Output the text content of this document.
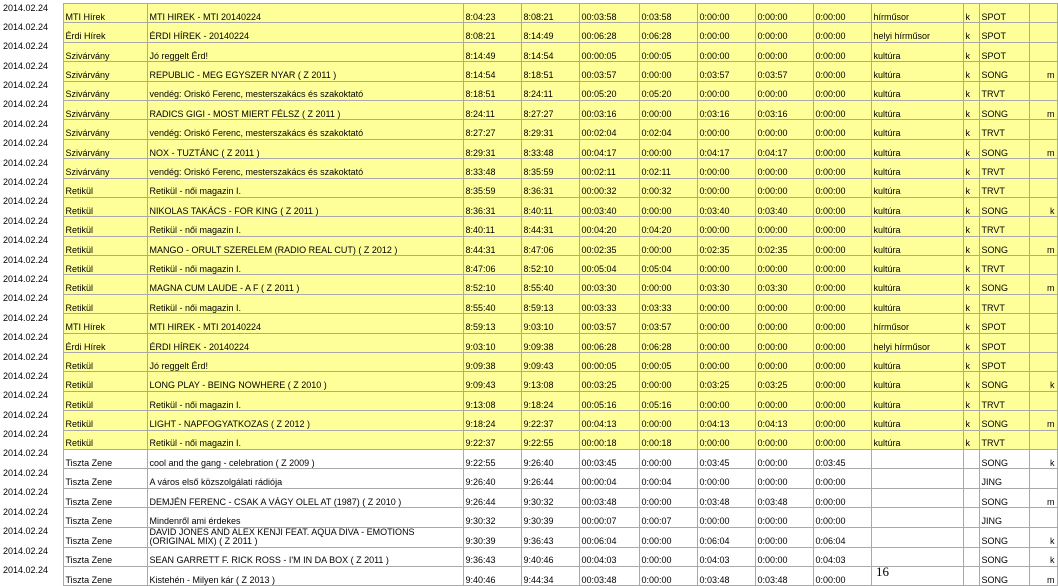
2014.02.24	MTI Hírek	MTI HIREK - MTI 20140224	8:04:23	8:08:21	00:03:58	0:03:58	0:00:00	0:00:00	0:00:00	hírműsor	k	SPOT	
2014.02.24	Érdi Hírek	ÉRDI HÍREK - 20140224	8:08:21	8:14:49	00:06:28	0:06:28	0:00:00	0:00:00	0:00:00	helyi hírműsor	k	SPOT	
2014.02.24	Szivárvány	Jó reggelt Érd!	8:14:49	8:14:54	00:00:05	0:00:05	0:00:00	0:00:00	0:00:00	kultúra	k	SPOT	
2014.02.24	Szivárvány	REPUBLIC - MEG EGYSZER NYAR ( Z 2011 )	8:14:54	8:18:51	00:03:57	0:00:00	0:03:57	0:03:57	0:00:00	kultúra	k	SONG	m
2014.02.24	Szivárvány	vendég: Oriskó Ferenc, mesterszakács és szakoktató	8:18:51	8:24:11	00:05:20	0:05:20	0:00:00	0:00:00	0:00:00	kultúra	k	TRVT	
2014.02.24	Szivárvány	RADICS GIGI - MOST MIERT FÉLSZ ( Z 2011 )	8:24:11	8:27:27	00:03:16	0:00:00	0:03:16	0:03:16	0:00:00	kultúra	k	SONG	m
2014.02.24	Szivárvány	vendég: Oriskó Ferenc, mesterszakács és szakoktató	8:27:27	8:29:31	00:02:04	0:02:04	0:00:00	0:00:00	0:00:00	kultúra	k	TRVT	
2014.02.24	Szivárvány	NOX - TUZTÁNC ( Z 2011 )	8:29:31	8:33:48	00:04:17	0:00:00	0:04:17	0:04:17	0:00:00	kultúra	k	SONG	m
2014.02.24	Szivárvány	vendég: Oriskó Ferenc, mesterszakács és szakoktató	8:33:48	8:35:59	00:02:11	0:02:11	0:00:00	0:00:00	0:00:00	kultúra	k	TRVT	
2014.02.24	Retikül	Retikül - női magazin I.	8:35:59	8:36:31	00:00:32	0:00:32	0:00:00	0:00:00	0:00:00	kultúra	k	TRVT	
2014.02.24	Retikül	NIKOLAS TAKÁCS - FOR KING ( Z 2011 )	8:36:31	8:40:11	00:03:40	0:00:00	0:03:40	0:03:40	0:00:00	kultúra	k	SONG	k
2014.02.24	Retikül	Retikül - női magazin I.	8:40:11	8:44:31	00:04:20	0:04:20	0:00:00	0:00:00	0:00:00	kultúra	k	TRVT	
2014.02.24	Retikül	MANGO - ORULT SZERELEM (RADIO REAL CUT) ( Z 2012 )	8:44:31	8:47:06	00:02:35	0:00:00	0:02:35	0:02:35	0:00:00	kultúra	k	SONG	m
2014.02.24	Retikül	Retikül - női magazin I.	8:47:06	8:52:10	00:05:04	0:05:04	0:00:00	0:00:00	0:00:00	kultúra	k	TRVT	
2014.02.24	Retikül	MAGNA CUM LAUDE - A F ( Z 2011 )	8:52:10	8:55:40	00:03:30	0:00:00	0:03:30	0:03:30	0:00:00	kultúra	k	SONG	m
2014.02.24	Retikül	Retikül - női magazin I.	8:55:40	8:59:13	00:03:33	0:03:33	0:00:00	0:00:00	0:00:00	kultúra	k	TRVT	
2014.02.24	MTI Hírek	MTI HIREK - MTI 20140224	8:59:13	9:03:10	00:03:57	0:03:57	0:00:00	0:00:00	0:00:00	hírműsor	k	SPOT	
2014.02.24	Érdi Hírek	ÉRDI HÍREK - 20140224	9:03:10	9:09:38	00:06:28	0:06:28	0:00:00	0:00:00	0:00:00	helyi hírműsor	k	SPOT	
2014.02.24	Retikül	Jó reggelt Érd!	9:09:38	9:09:43	00:00:05	0:00:05	0:00:00	0:00:00	0:00:00	kultúra	k	SPOT	
2014.02.24	Retikül	LONG PLAY - BEING NOWHERE ( Z 2010 )	9:09:43	9:13:08	00:03:25	0:00:00	0:03:25	0:03:25	0:00:00	kultúra	k	SONG	k
2014.02.24	Retikül	Retikül - női magazin I.	9:13:08	9:18:24	00:05:16	0:05:16	0:00:00	0:00:00	0:00:00	kultúra	k	TRVT	
2014.02.24	Retikül	LIGHT - NAPFOGYATKOZAS ( Z 2012 )	9:18:24	9:22:37	00:04:13	0:00:00	0:04:13	0:04:13	0:00:00	kultúra	k	SONG	m
2014.02.24	Retikül	Retikül - női magazin I.	9:22:37	9:22:55	00:00:18	0:00:18	0:00:00	0:00:00	0:00:00	kultúra	k	TRVT	
2014.02.24	Tiszta Zene	cool and the gang - celebration ( Z 2009 )	9:22:55	9:26:40	00:03:45	0:00:00	0:03:45	0:00:00	0:03:45			SONG	k
2014.02.24	Tiszta Zene	A város első közszolgálati rádiója	9:26:40	9:26:44	00:00:04	0:00:04	0:00:00	0:00:00	0:00:00			JING	
2014.02.24	Tiszta Zene	DEMJÉN FERENC - CSAK A VÁGY OLEL AT (1987) ( Z 2010 )	9:26:44	9:30:32	00:03:48	0:00:00	0:03:48	0:03:48	0:00:00			SONG	m
2014.02.24	Tiszta Zene	Mindenről ami érdekes	9:30:32	9:30:39	00:00:07	0:00:07	0:00:00	0:00:00	0:00:00			JING	
2014.02.24	Tiszta Zene	DAVID JONES AND ALEX KENJI FEAT. AQUA DIVA - EMOTIONS (ORIGINAL MIX) ( Z 2011 )	9:30:39	9:36:43	00:06:04	0:00:00	0:06:04	0:00:00	0:06:04			SONG	k
2014.02.24	Tiszta Zene	SEAN GARRETT F. RICK ROSS - I'M IN DA BOX ( Z 2011 )	9:36:43	9:40:46	00:04:03	0:00:00	0:04:03	0:00:00	0:04:03			SONG	k
2014.02.24	Tiszta Zene	Kistehén - Milyen kár ( Z 2013 )	9:40:46	9:44:34	00:03:48	0:00:00	0:03:48	0:03:48	0:00:00			SONG	m
16
